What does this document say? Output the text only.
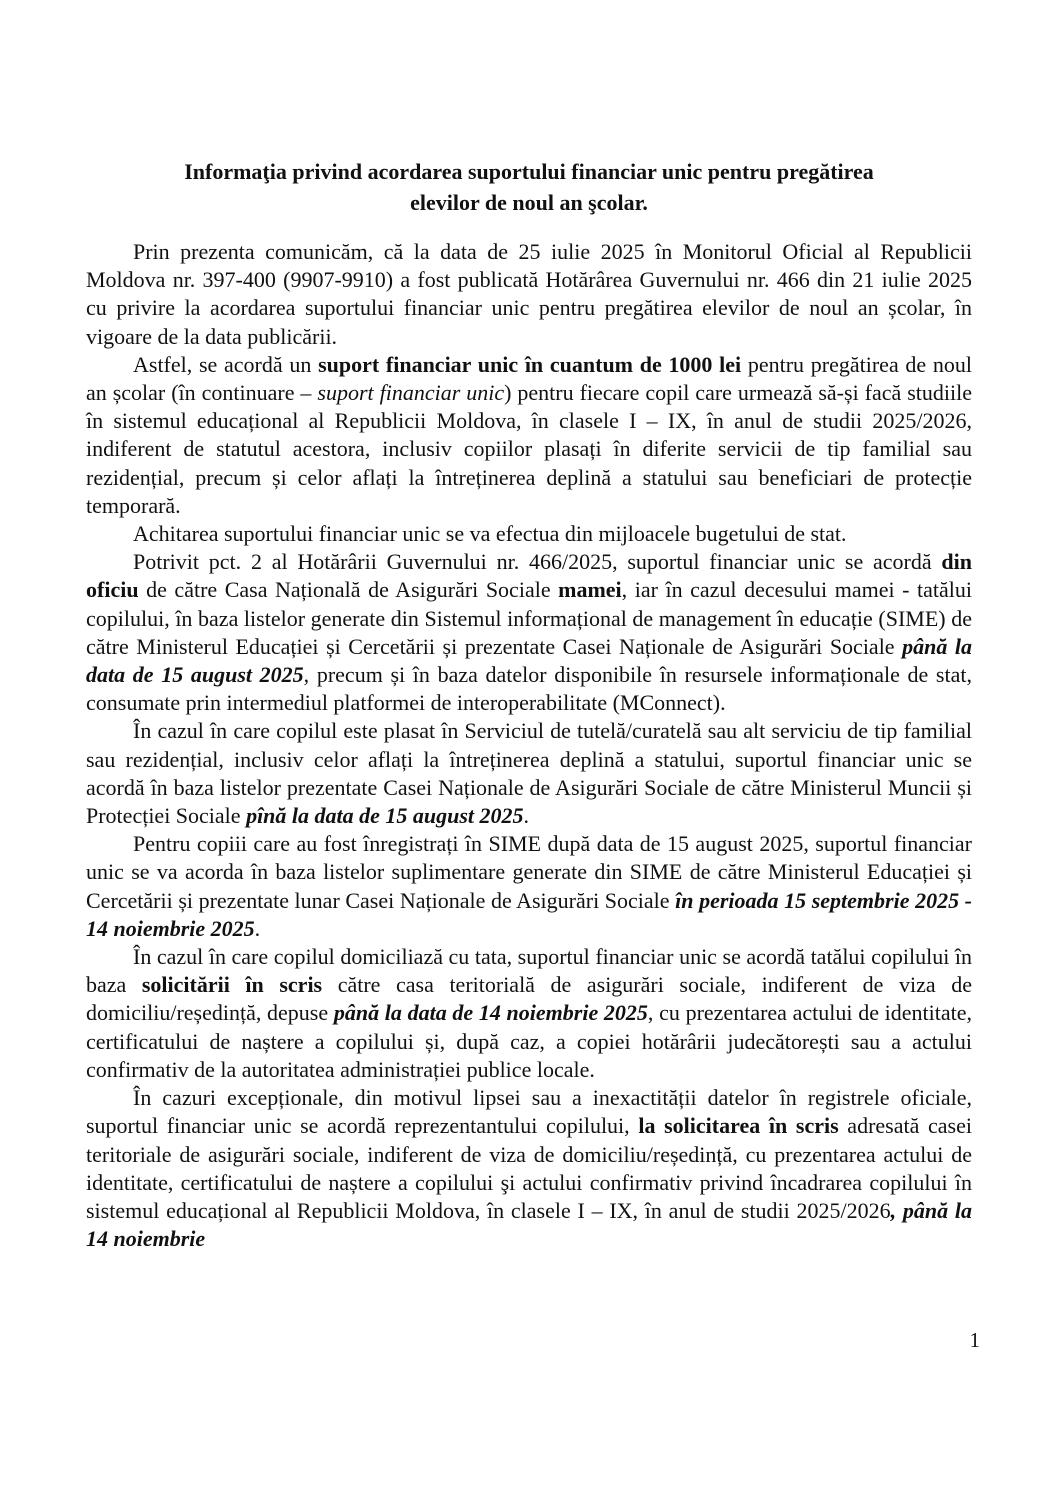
Informaţia privind acordarea suportului financiar unic pentru pregătirea
elevilor de noul an şcolar.

Prin prezenta comunicăm, că la data de 25 iulie 2025 în Monitorul Oficial al Republicii Moldova nr. 397-400 (9907-9910) a fost publicată Hotărârea Guvernului nr. 466 din 21 iulie 2025 cu privire la acordarea suportului financiar unic pentru pregătirea elevilor de noul an școlar, în vigoare de la data publicării.

Astfel, se acordă un suport financiar unic în cuantum de 1000 lei pentru pregătirea de noul an școlar (în continuare – suport financiar unic) pentru fiecare copil care urmează să-și facă studiile în sistemul educațional al Republicii Moldova, în clasele I – IX, în anul de studii 2025/2026, indiferent de statutul acestora, inclusiv copiilor plasați în diferite servicii de tip familial sau rezidențial, precum și celor aflați la întreținerea deplină a statului sau beneficiari de protecție temporară.

Achitarea suportului financiar unic se va efectua din mijloacele bugetului de stat.

Potrivit pct. 2 al Hotărârii Guvernului nr. 466/2025, suportul financiar unic se acordă din oficiu de către Casa Națională de Asigurări Sociale mamei, iar în cazul decesului mamei - tatălui copilului, în baza listelor generate din Sistemul informațional de management în educație (SIME) de către Ministerul Educației și Cercetării și prezentate Casei Naționale de Asigurări Sociale până la data de 15 august 2025, precum și în baza datelor disponibile în resursele informaționale de stat, consumate prin intermediul platformei de interoperabilitate (MConnect).

În cazul în care copilul este plasat în Serviciul de tutelă/curatelă sau alt serviciu de tip familial sau rezidențial, inclusiv celor aflați la întreținerea deplină a statului, suportul financiar unic se acordă în baza listelor prezentate Casei Naționale de Asigurări Sociale de către Ministerul Muncii și Protecției Sociale pînă la data de 15 august 2025.

Pentru copiii care au fost înregistrați în SIME după data de 15 august 2025, suportul financiar unic se va acorda în baza listelor suplimentare generate din SIME de către Ministerul Educației și Cercetării și prezentate lunar Casei Naționale de Asigurări Sociale în perioada 15 septembrie 2025 - 14 noiembrie 2025.

În cazul în care copilul domiciliază cu tata, suportul financiar unic se acordă tatălui copilului în baza solicitării în scris către casa teritorială de asigurări sociale, indiferent de viza de domiciliu/reședință, depuse până la data de 14 noiembrie 2025, cu prezentarea actului de identitate, certificatului de naștere a copilului și, după caz, a copiei hotărârii judecătorești sau a actului confirmativ de la autoritatea administrației publice locale.

În cazuri excepționale, din motivul lipsei sau a inexactității datelor în registrele oficiale, suportul financiar unic se acordă reprezentantului copilului, la solicitarea în scris adresată casei teritoriale de asigurări sociale, indiferent de viza de domiciliu/reședință, cu prezentarea actului de identitate, certificatului de naștere a copilului şi actului confirmativ privind încadrarea copilului în sistemul educațional al Republicii Moldova, în clasele I – IX, în anul de studii 2025/2026, până la 14 noiembrie

1
